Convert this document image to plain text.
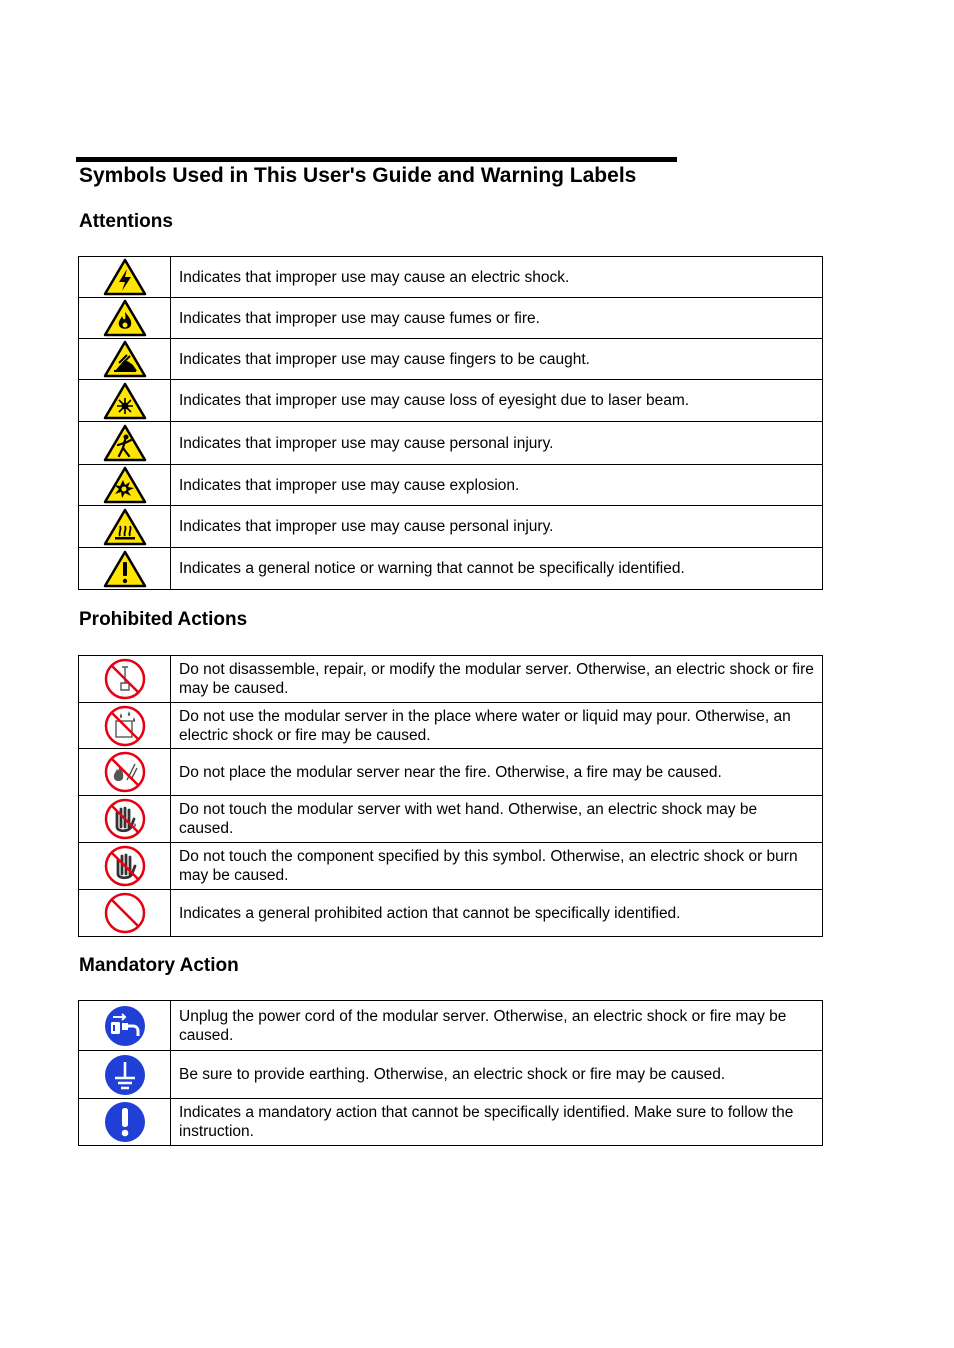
Symbols Used in This User's Guide and Warning Labels
Attentions
	Indicates that improper use may cause an electric shock.

	Indicates that improper use may cause fumes or fire.

	Indicates that improper use may cause fingers to be caught.

	Indicates that improper use may cause loss of eyesight due to laser beam.

	Indicates that improper use may cause personal injury.

	Indicates that improper use may cause explosion.

	Indicates that improper use may cause personal injury.

	Indicates a general notice or warning that cannot be specifically identified.
Prohibited Actions
	Do not disassemble, repair, or modify the modular server. Otherwise, an electric shock or fire may be caused.

	Do not use the modular server in the place where water or liquid may pour. Otherwise, an electric shock or fire may be caused.

	Do not place the modular server near the fire. Otherwise, a fire may be caused.

	Do not touch the modular server with wet hand. Otherwise, an electric shock may be caused.

	Do not touch the component specified by this symbol. Otherwise, an electric shock or burn may be caused.

	Indicates a general prohibited action that cannot be specifically identified.
Mandatory Action
	Unplug the power cord of the modular server. Otherwise, an electric shock or fire may be caused.

	Be sure to provide earthing. Otherwise, an electric shock or fire may be caused.

	Indicates a mandatory action that cannot be specifically identified. Make sure to follow the instruction.
